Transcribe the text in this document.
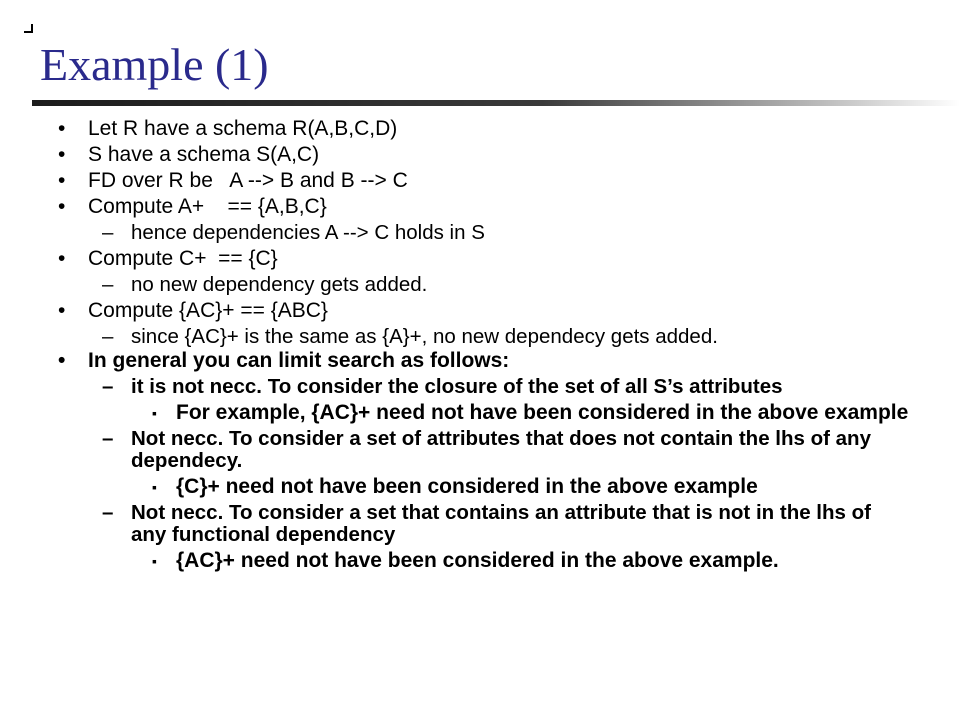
Example (1)
• Let R have a schema R(A,B,C,D)
• S have a schema S(A,C)
• FD over R be   A --> B and B --> C
• Compute A+    == {A,B,C}
– hence dependencies A --> C holds in S
• Compute C+  == {C}
– no new dependency gets added.
• Compute {AC}+ == {ABC}
– since {AC}+ is the same as {A}+, no new dependecy gets added.
• In general you can limit search as follows:
– it is not necc. To consider the closure of the set of all S’s attributes
▪ For example, {AC}+ need not have been considered in the above example
– Not necc. To consider a set of attributes that does not contain the lhs of any dependecy.
▪ {C}+ need not have been considered in the above example
– Not necc. To consider a set that contains an attribute that is not in the lhs of any functional dependency
▪ {AC}+ need not have been considered in the above example.
